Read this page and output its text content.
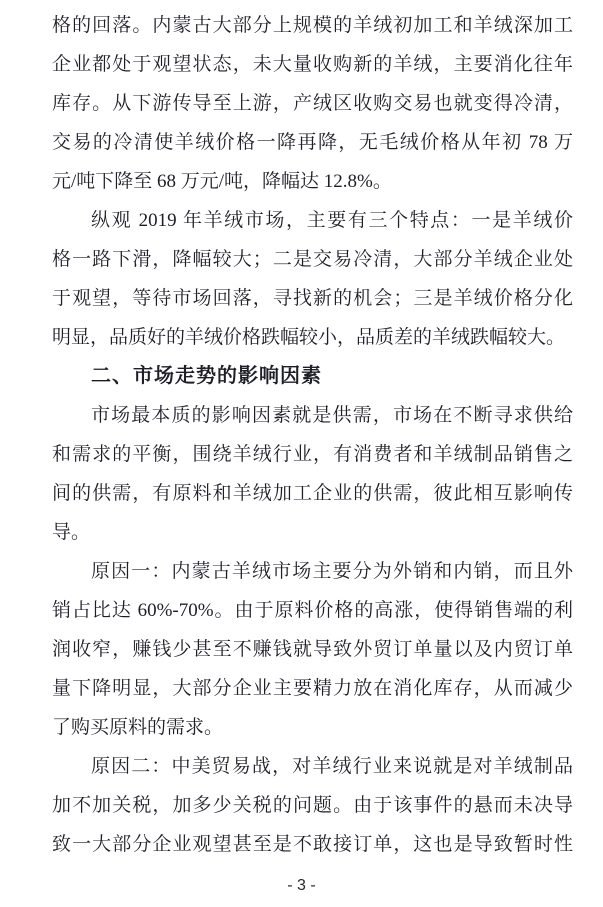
格的回落。内蒙古大部分上规模的羊绒初加工和羊绒深加工
企业都处于观望状态，未大量收购新的羊绒，主要消化往年
库存。从下游传导至上游，产绒区收购交易也就变得冷清，
交易的冷清使羊绒价格一降再降，无毛绒价格从年初 78 万
元/吨下降至 68 万元/吨，降幅达 12.8%。
纵观 2019 年羊绒市场，主要有三个特点：一是羊绒价
格一路下滑，降幅较大；二是交易冷清，大部分羊绒企业处
于观望，等待市场回落，寻找新的机会；三是羊绒价格分化
明显，品质好的羊绒价格跌幅较小，品质差的羊绒跌幅较大。
二、市场走势的影响因素
市场最本质的影响因素就是供需，市场在不断寻求供给
和需求的平衡，围绕羊绒行业，有消费者和羊绒制品销售之
间的供需，有原料和羊绒加工企业的供需，彼此相互影响传
导。
原因一：内蒙古羊绒市场主要分为外销和内销，而且外
销占比达 60%-70%。由于原料价格的高涨，使得销售端的利
润收窄，赚钱少甚至不赚钱就导致外贸订单量以及内贸订单
量下降明显，大部分企业主要精力放在消化库存，从而减少
了购买原料的需求。
原因二：中美贸易战，对羊绒行业来说就是对羊绒制品
加不加关税，加多少关税的问题。由于该事件的悬而未决导
致一大部分企业观望甚至是不敢接订单，这也是导致暂时性
- 3 -
